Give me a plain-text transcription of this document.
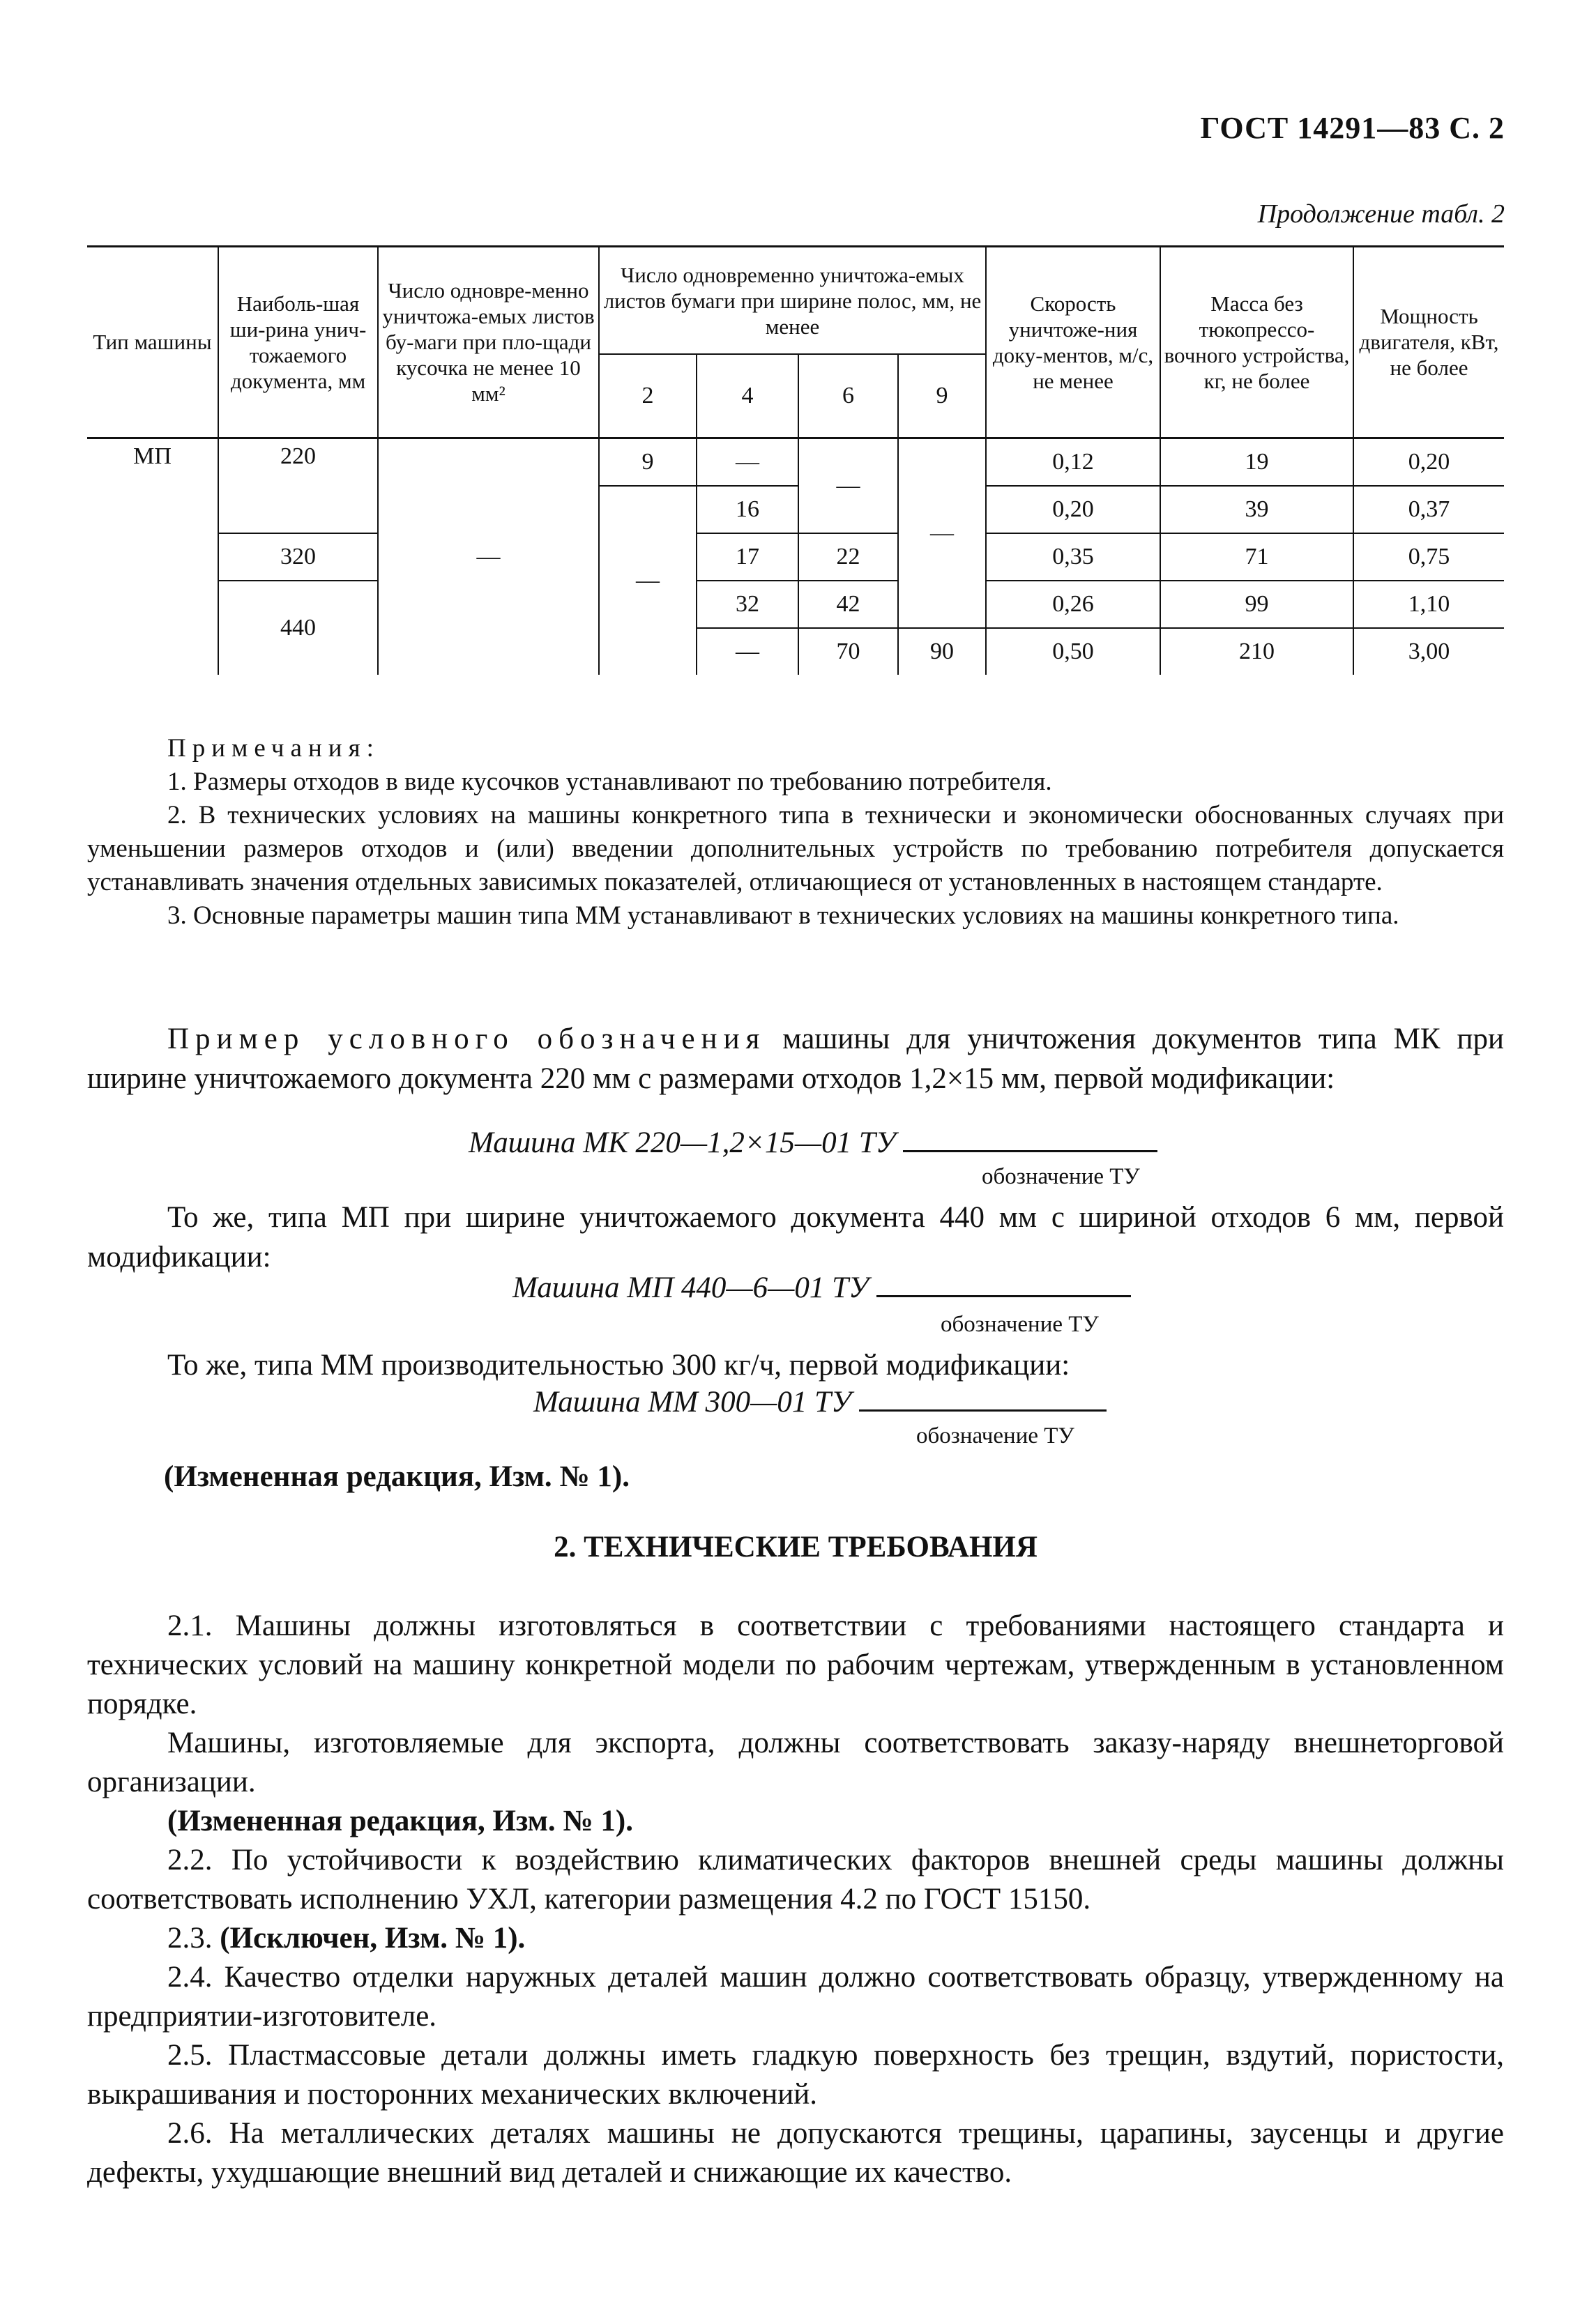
ГОСТ 14291—83 С. 2
Продолжение табл. 2
Тип машины	Наиболь-шая ши-рина унич-тожаемого документа, мм	Число одновре-менно уничтожа-емых листов бу-маги при пло-щади кусочка не менее 10 мм²	Число одновременно уничтожа-емых листов бумаги при ширине полос, мм, не менее				Скорость уничтоже-ния доку-ментов, м/с, не менее	Масса без тюкопрессо-вочного устройства, кг, не более	Мощность двигателя, кВт, не более
			2	4	6	9			
МП	220	—	9	—	—	—	0,12	19	0,20
			—	16			0,20	39	0,37
	320			17	22		0,35	71	0,75
	440			32	42		0,26	99	1,10
				—	70	90	0,50	210	3,00

Примечания:

1. Размеры отходов в виде кусочков устанавливают по требованию потребителя.

2. В технических условиях на машины конкретного типа в технически и экономически обоснованных случаях при уменьшении размеров отходов и (или) введении дополнительных устройств по требованию потребителя допускается устанавливать значения отдельных зависимых показателей, отличающиеся от установленных в настоящем стандарте.

3. Основные параметры машин типа ММ устанавливают в технических условиях на машины конкретного типа.

Пример условного обозначения машины для уничтожения документов типа МК при ширине уничтожаемого документа 220 мм с размерами отходов 1,2×15 мм, первой модификации:

Машина МК 220—1,2×15—01 ТУ
обозначение ТУ

То же, типа МП при ширине уничтожаемого документа 440 мм с шириной отходов 6 мм, первой модификации:

Машина МП 440—6—01 ТУ
обозначение ТУ

То же, типа ММ производительностью 300 кг/ч, первой модификации:

Машина ММ 300—01 ТУ
обозначение ТУ
(Измененная редакция, Изм. № 1).
2. ТЕХНИЧЕСКИЕ ТРЕБОВАНИЯ

2.1. Машины должны изготовляться в соответствии с требованиями настоящего стандарта и технических условий на машину конкретной модели по рабочим чертежам, утвержденным в установленном порядке.

Машины, изготовляемые для экспорта, должны соответствовать заказу-наряду внешнеторговой организации.

(Измененная редакция, Изм. № 1).

2.2. По устойчивости к воздействию климатических факторов внешней среды машины должны соответствовать исполнению УХЛ, категории размещения 4.2 по ГОСТ 15150.

2.3. (Исключен, Изм. № 1).

2.4. Качество отделки наружных деталей машин должно соответствовать образцу, утвержденному на предприятии-изготовителе.

2.5. Пластмассовые детали должны иметь гладкую поверхность без трещин, вздутий, пористости, выкрашивания и посторонних механических включений.

2.6. На металлических деталях машины не допускаются трещины, царапины, заусенцы и другие дефекты, ухудшающие внешний вид деталей и снижающие их качество.
